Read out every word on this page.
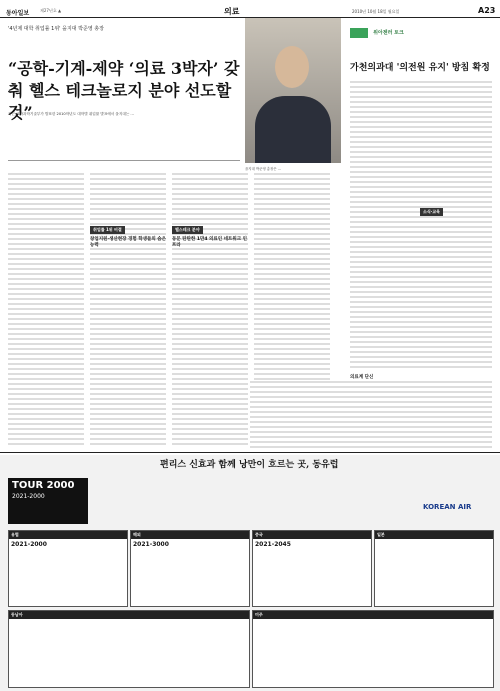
동아일보	제27년호 ▲	의료	2010년 10월 18일 월요일	A23
'4년제 대학 취업률 1위' 을지대 박준영 총장
“공학-기계-제약 ‘의료 3박자’ 갖춰 헬스 테크놀로지 분야 선도할 것”
을지대 박준영 총장은 …
최근 교과과학기술부가 발표한 2010학년도 대학별 취업률 발표에서 을지대는 …
취업률 1위 비결
창업지원·생산현장 경험 학생들의 숨은 능력
헬스테크 분야
동문 탄탄한 1만4 의료인 네트워크 인프라
위아젠러 토크
가천의과대 '의전원 유지' 방침 확정
소식·교육
의료계 단신
편리스 신효과 함께 낭만이 흐르는 곳, 동유럽
TOUR 2000
2021-2000
KOREAN AIR
유럽
2021-2000
해외
2021-3000
중국
2021-2045
일본
동남아	미주
